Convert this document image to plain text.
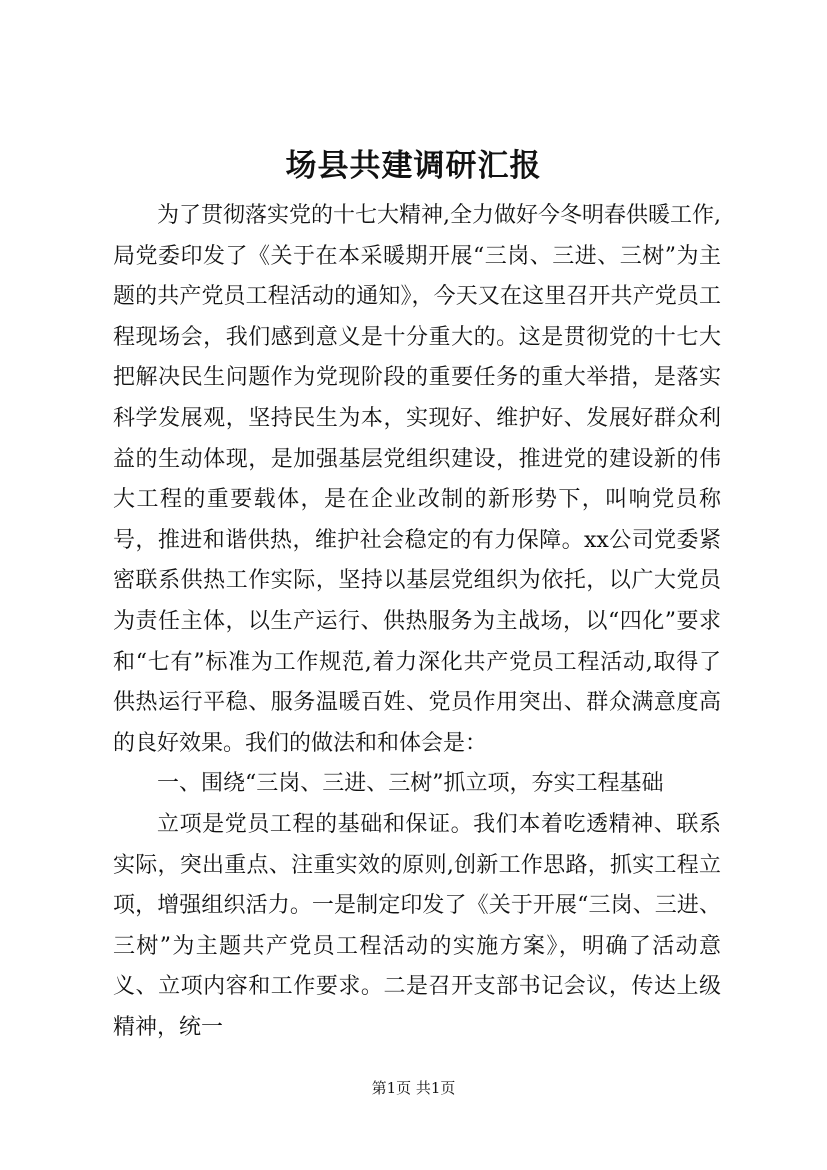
场县共建调研汇报

为了贯彻落实党的十七大精神,全力做好今冬明春供暖工作,局党委印发了《关于在本采暖期开展“三岗、三进、三树”为主题的共产党员工程活动的通知》，今天又在这里召开共产党员工程现场会，我们感到意义是十分重大的。这是贯彻党的十七大把解决民生问题作为党现阶段的重要任务的重大举措，是落实科学发展观，坚持民生为本，实现好、维护好、发展好群众利益的生动体现，是加强基层党组织建设，推进党的建设新的伟大工程的重要载体，是在企业改制的新形势下，叫响党员称号，推进和谐供热，维护社会稳定的有力保障。xx公司党委紧密联系供热工作实际，坚持以基层党组织为依托，以广大党员为责任主体，以生产运行、供热服务为主战场，以“四化”要求和“七有”标准为工作规范,着力深化共产党员工程活动,取得了供热运行平稳、服务温暖百姓、党员作用突出、群众满意度高的良好效果。我们的做法和和体会是：

一、围绕“三岗、三进、三树”抓立项，夯实工程基础

立项是党员工程的基础和保证。我们本着吃透精神、联系实际，突出重点、注重实效的原则,创新工作思路，抓实工程立项，增强组织活力。一是制定印发了《关于开展“三岗、三进、三树”为主题共产党员工程活动的实施方案》，明确了活动意义、立项内容和工作要求。二是召开支部书记会议，传达上级精神，统一

第1页 共1页
